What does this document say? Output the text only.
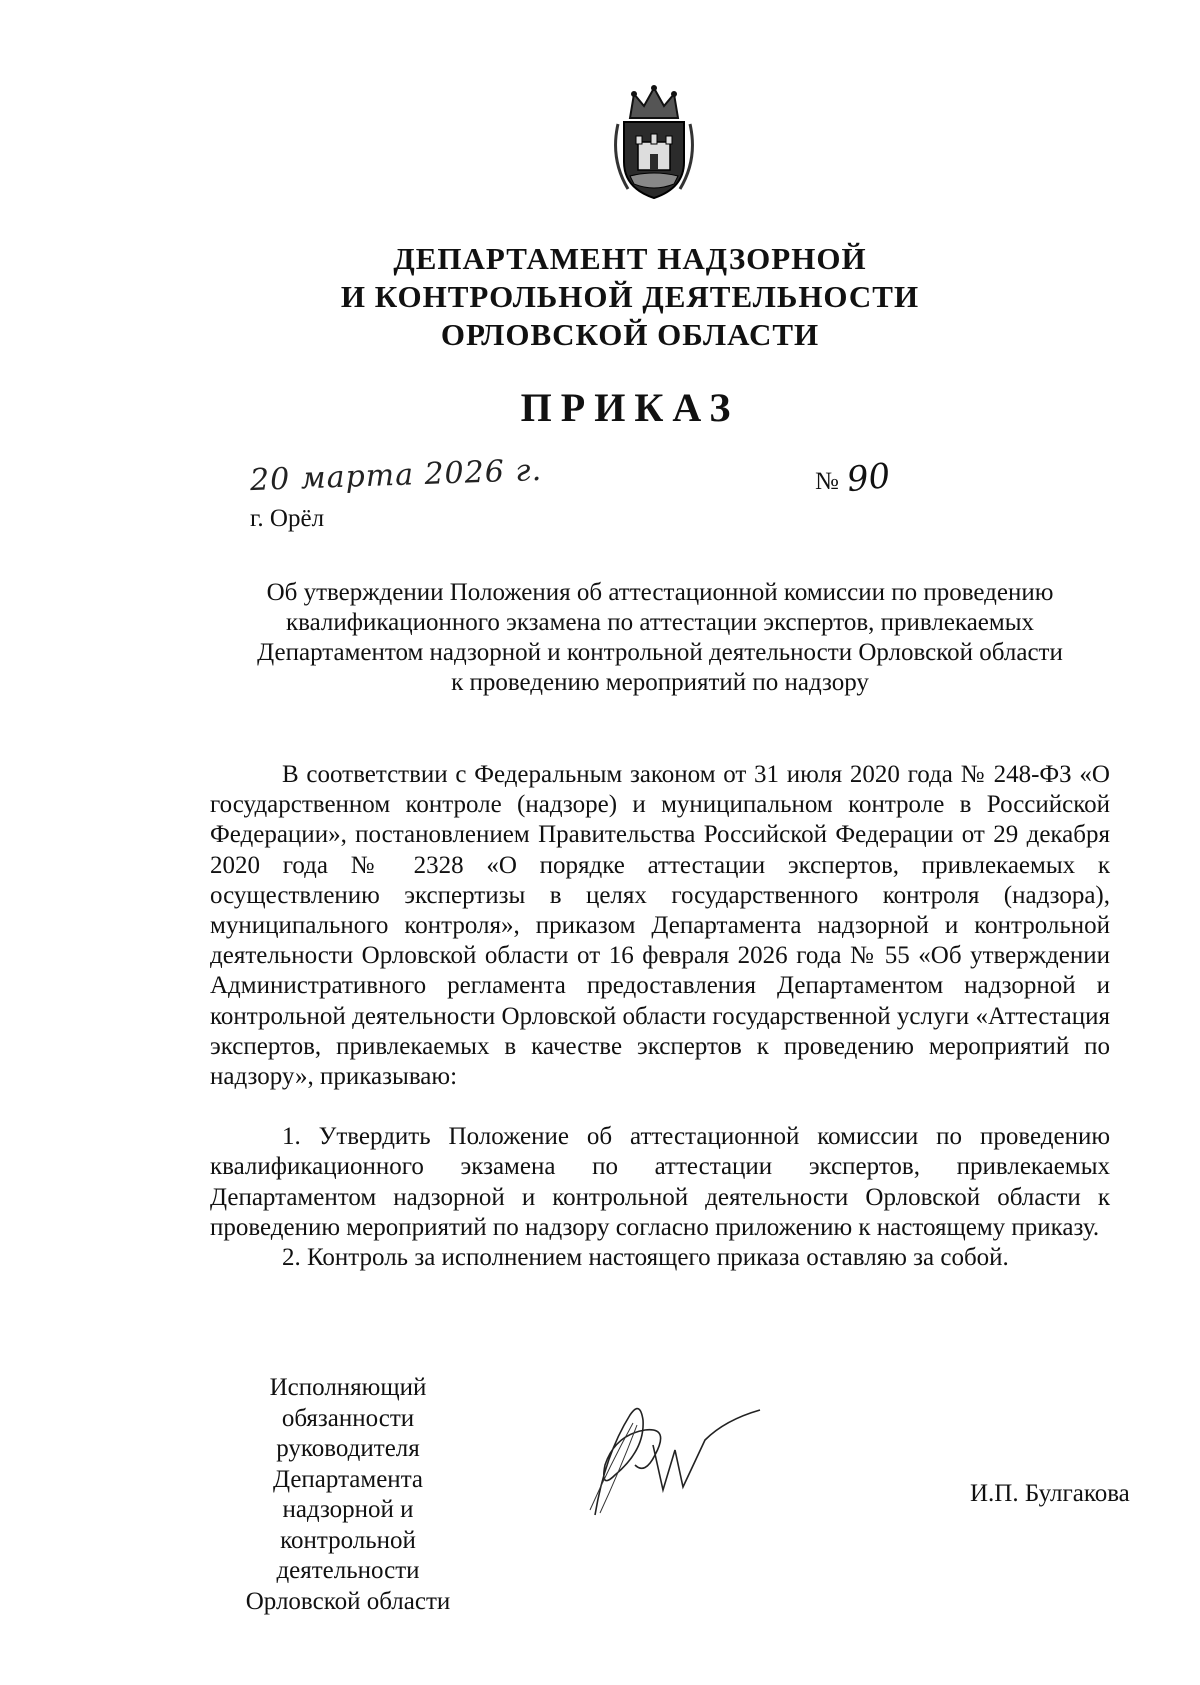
ДЕПАРТАМЕНТ НАДЗОРНОЙ
И КОНТРОЛЬНОЙ ДЕЯТЕЛЬНОСТИ
ОРЛОВСКОЙ ОБЛАСТИ
ПРИКАЗ
20 марта 2026 г.
г. Орёл
№ 90
Об утверждении Положения об аттестационной комиссии по проведению
квалификационного экзамена по аттестации экспертов, привлекаемых
Департаментом надзорной и контрольной деятельности Орловской области
к проведению мероприятий по надзору

В соответствии с Федеральным законом от 31 июля 2020 года № 248-ФЗ «О государственном контроле (надзоре) и муниципальном контроле в Российской Федерации», постановлением Правительства Российской Федерации от 29 декабря 2020 года № 2328 «О порядке аттестации экспертов, привлекаемых к осуществлению экспертизы в целях государственного контроля (надзора), муниципального контроля», приказом Департамента надзорной и контрольной деятельности Орловской области от 16 февраля 2026 года № 55 «Об утверждении Административного регламента предоставления Департаментом надзорной и контрольной деятельности Орловской области государственной услуги «Аттестация экспертов, привлекаемых в качестве экспертов к проведению мероприятий по надзору», приказываю:

1. Утвердить Положение об аттестационной комиссии по проведению квалификационного экзамена по аттестации экспертов, привлекаемых Департаментом надзорной и контрольной деятельности Орловской области к проведению мероприятий по надзору согласно приложению к настоящему приказу.

2. Контроль за исполнением настоящего приказа оставляю за собой.

Исполняющий
обязанности
руководителя
Департамента
надзорной и
контрольной
деятельности
Орловской области
И.П. Булгакова
